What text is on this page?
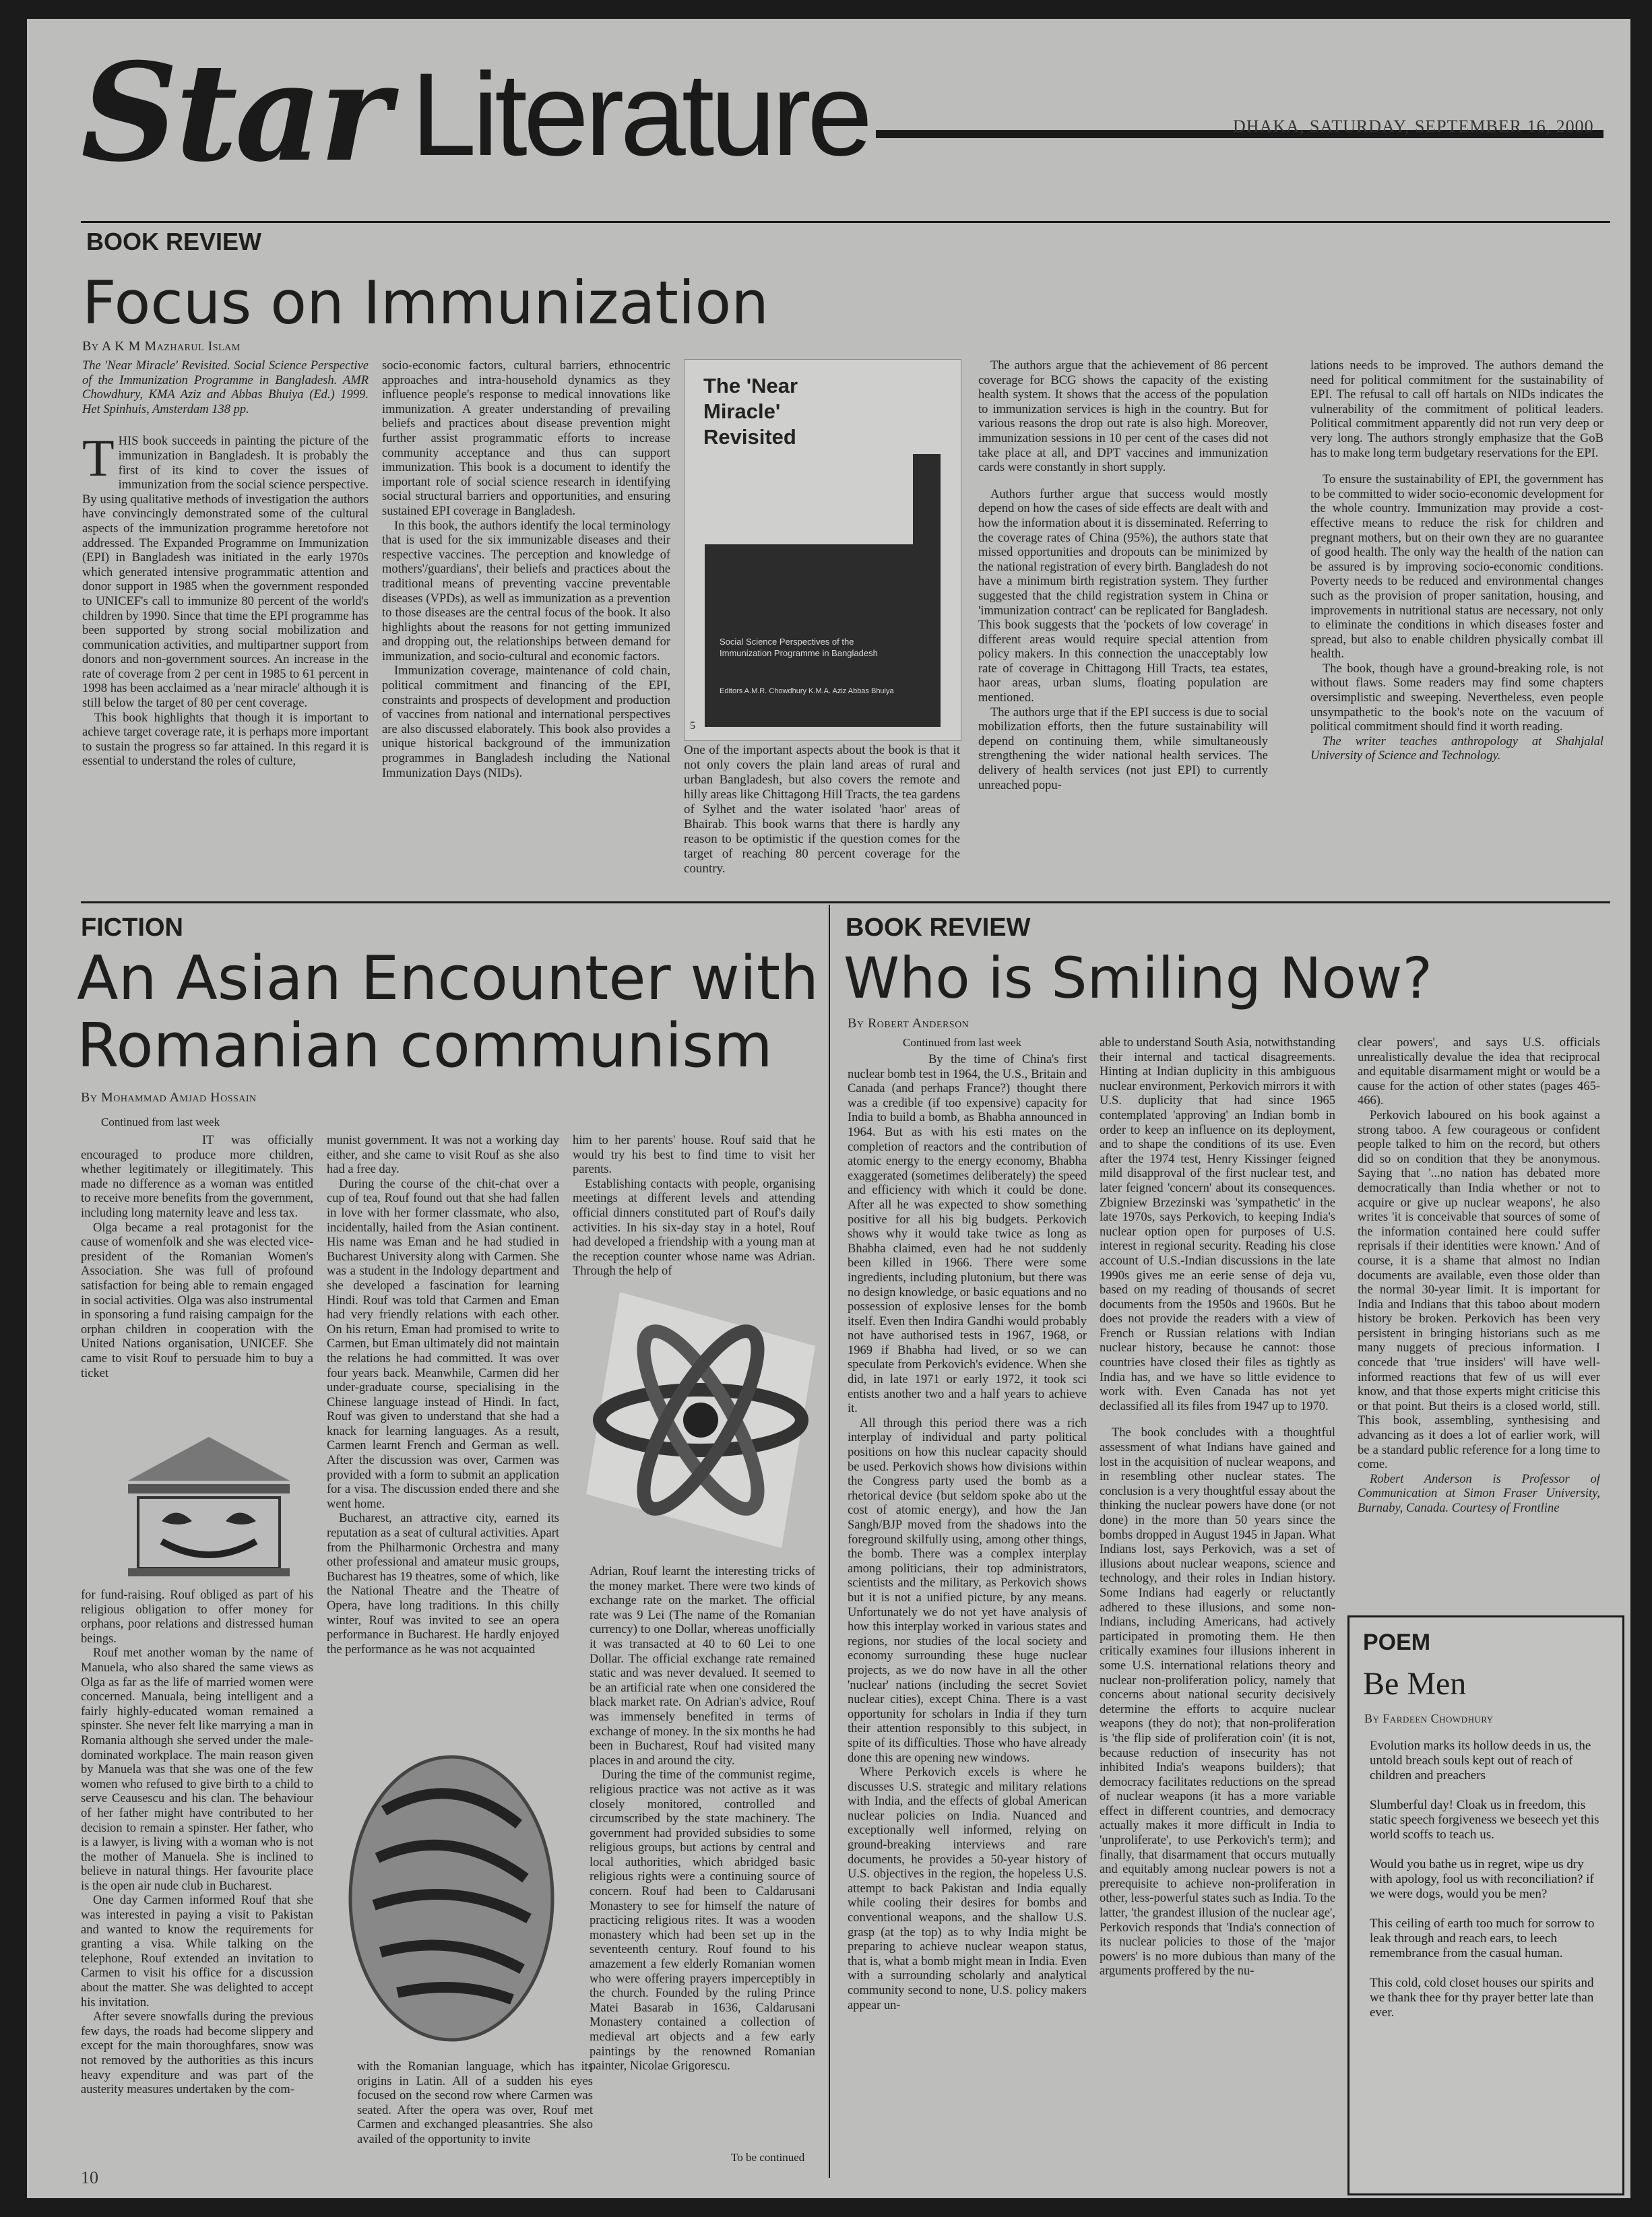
Star Literature	DHAKA, SATURDAY, SEPTEMBER 16, 2000
BOOK REVIEW
Focus on Immunization
By A K M Mazharul Islam

The 'Near Miracle' Revisited. Social Science Perspective of the Immunization Programme in Bangladesh. AMR Chowdhury, KMA Aziz and Abbas Bhuiya (Ed.) 1999. Het Spinhuis, Amsterdam 138 pp.

THIS book succeeds in painting the picture of the immunization in Bangladesh. It is probably the first of its kind to cover the issues of immunization from the social science perspective. By using qualitative methods of investigation the authors have convincingly demonstrated some of the cultural aspects of the immunization programme heretofore not addressed. The Expanded Programme on Immunization (EPI) in Bangladesh was initiated in the early 1970s which generated intensive programmatic attention and donor support in 1985 when the government responded to UNICEF's call to immunize 80 percent of the world's children by 1990. Since that time the EPI programme has been supported by strong social mobilization and communication activities, and multipartner support from donors and non-government sources. An increase in the rate of coverage from 2 per cent in 1985 to 61 percent in 1998 has been acclaimed as a 'near miracle' although it is still below the target of 80 per cent coverage.

This book highlights that though it is important to achieve target coverage rate, it is perhaps more important to sustain the progress so far attained. In this regard it is essential to understand the roles of culture,

socio-economic factors, cultural barriers, ethnocentric approaches and intra-household dynamics as they influence people's response to medical innovations like immunization. A greater understanding of prevailing beliefs and practices about disease prevention might further assist programmatic efforts to increase community acceptance and thus can support immunization. This book is a document to identify the important role of social science research in identifying social structural barriers and opportunities, and ensuring sustained EPI coverage in Bangladesh.

In this book, the authors identify the local terminology that is used for the six immunizable diseases and their respective vaccines. The perception and knowledge of mothers'/guardians', their beliefs and practices about the traditional means of preventing vaccine preventable diseases (VPDs), as well as immunization as a prevention to those diseases are the central focus of the book. It also highlights about the reasons for not getting immunized and dropping out, the relationships between demand for immunization, and socio-cultural and economic factors.

Immunization coverage, maintenance of cold chain, political commitment and financing of the EPI, constraints and prospects of development and production of vaccines from national and international perspectives are also discussed elaborately. This book also provides a unique historical background of the immunization programmes in Bangladesh including the National Immunization Days (NIDs).

The 'Near Miracle' Revisited
Social Science Perspectives of the Immunization Programme in Bangladesh
Editors A.M.R. Chowdhury K.M.A. Aziz Abbas Bhuiya
5
One of the important aspects about the book is that it not only covers the plain land areas of rural and urban Bangladesh, but also covers the remote and hilly areas like Chittagong Hill Tracts, the tea gardens of Sylhet and the water isolated 'haor' areas of Bhairab. This book warns that there is hardly any reason to be optimistic if the question comes for the target of reaching 80 percent coverage for the country.

The authors argue that the achievement of 86 percent coverage for BCG shows the capacity of the existing health system. It shows that the access of the population to immunization services is high in the country. But for various reasons the drop out rate is also high. Moreover, immunization sessions in 10 per cent of the cases did not take place at all, and DPT vaccines and immunization cards were constantly in short supply.

Authors further argue that success would mostly depend on how the cases of side effects are dealt with and how the information about it is disseminated. Referring to the coverage rates of China (95%), the authors state that missed opportunities and dropouts can be minimized by the national registration of every birth. Bangladesh do not have a minimum birth registration system. They further suggested that the child registration system in China or 'immunization contract' can be replicated for Bangladesh. This book suggests that the 'pockets of low coverage' in different areas would require special attention from policy makers. In this connection the unacceptably low rate of coverage in Chittagong Hill Tracts, tea estates, haor areas, urban slums, floating population are mentioned.

The authors urge that if the EPI success is due to social mobilization efforts, then the future sustainability will depend on continuing them, while simultaneously strengthening the wider national health services. The delivery of health services (not just EPI) to currently unreached popu-

lations needs to be improved. The authors demand the need for political commitment for the sustainability of EPI. The refusal to call off hartals on NIDs indicates the vulnerability of the commitment of political leaders. Political commitment apparently did not run very deep or very long. The authors strongly emphasize that the GoB has to make long term budgetary reservations for the EPI.

To ensure the sustainability of EPI, the government has to be committed to wider socio-economic development for the whole country. Immunization may provide a cost-effective means to reduce the risk for children and pregnant mothers, but on their own they are no guarantee of good health. The only way the health of the nation can be assured is by improving socio-economic conditions. Poverty needs to be reduced and environmental changes such as the provision of proper sanitation, housing, and improvements in nutritional status are necessary, not only to eliminate the conditions in which diseases foster and spread, but also to enable children physically combat ill health.

The book, though have a ground-breaking role, is not without flaws. Some readers may find some chapters oversimplistic and sweeping. Nevertheless, even people unsympathetic to the book's note on the vacuum of political commitment should find it worth reading.

The writer teaches anthropology at Shahjalal University of Science and Technology.

FICTION
An Asian Encounter with
Romanian communism
By Mohammad Amjad Hossain
Continued from last week

IT was officially encouraged to produce more children, whether legitimately or illegitimately. This made no difference as a woman was entitled to receive more benefits from the government, including long maternity leave and less tax.

Olga became a real protagonist for the cause of womenfolk and she was elected vice-president of the Romanian Women's Association. She was full of profound satisfaction for being able to remain engaged in social activities. Olga was also instrumental in sponsoring a fund raising campaign for the orphan children in cooperation with the United Nations organisation, UNICEF. She came to visit Rouf to persuade him to buy a ticket

for fund-raising. Rouf obliged as part of his religious obligation to offer money for orphans, poor relations and distressed human beings.

Rouf met another woman by the name of Manuela, who also shared the same views as Olga as far as the life of married women were concerned. Manuala, being intelligent and a fairly highly-educated woman remained a spinster. She never felt like marrying a man in Romania although she served under the male-dominated workplace. The main reason given by Manuela was that she was one of the few women who refused to give birth to a child to serve Ceausescu and his clan. The behaviour of her father might have contributed to her decision to remain a spinster. Her father, who is a lawyer, is living with a woman who is not the mother of Manuela. She is inclined to believe in natural things. Her favourite place is the open air nude club in Bucharest.

One day Carmen informed Rouf that she was interested in paying a visit to Pakistan and wanted to know the requirements for granting a visa. While talking on the telephone, Rouf extended an invitation to Carmen to visit his office for a discussion about the matter. She was delighted to accept his invitation.

After severe snowfalls during the previous few days, the roads had become slippery and except for the main thoroughfares, snow was not removed by the authorities as this incurs heavy expenditure and was part of the austerity measures undertaken by the com-

munist government. It was not a working day either, and she came to visit Rouf as she also had a free day.

During the course of the chit-chat over a cup of tea, Rouf found out that she had fallen in love with her former classmate, who also, incidentally, hailed from the Asian continent. His name was Eman and he had studied in Bucharest University along with Carmen. She was a student in the Indology department and she developed a fascination for learning Hindi. Rouf was told that Carmen and Eman had very friendly relations with each other. On his return, Eman had promised to write to Carmen, but Eman ultimately did not maintain the relations he had committed. It was over four years back. Meanwhile, Carmen did her under-graduate course, specialising in the Chinese language instead of Hindi. In fact, Rouf was given to understand that she had a knack for learning languages. As a result, Carmen learnt French and German as well. After the discussion was over, Carmen was provided with a form to submit an application for a visa. The discussion ended there and she went home.

Bucharest, an attractive city, earned its reputation as a seat of cultural activities. Apart from the Philharmonic Orchestra and many other professional and amateur music groups, Bucharest has 19 theatres, some of which, like the National Theatre and the Theatre of Opera, have long traditions. In this chilly winter, Rouf was invited to see an opera performance in Bucharest. He hardly enjoyed the performance as he was not acquainted

with the Romanian language, which has its origins in Latin. All of a sudden his eyes focused on the second row where Carmen was seated. After the opera was over, Rouf met Carmen and exchanged pleasantries. She also availed of the opportunity to invite

him to her parents' house. Rouf said that he would try his best to find time to visit her parents.

Establishing contacts with people, organising meetings at different levels and attending official dinners constituted part of Rouf's daily activities. In his six-day stay in a hotel, Rouf had developed a friendship with a young man at the reception counter whose name was Adrian. Through the help of

Adrian, Rouf learnt the interesting tricks of the money market. There were two kinds of exchange rate on the market. The official rate was 9 Lei (The name of the Romanian currency) to one Dollar, whereas unofficially it was transacted at 40 to 60 Lei to one Dollar. The official exchange rate remained static and was never devalued. It seemed to be an artificial rate when one considered the black market rate. On Adrian's advice, Rouf was immensely benefited in terms of exchange of money. In the six months he had been in Bucharest, Rouf had visited many places in and around the city.

During the time of the communist regime, religious practice was not active as it was closely monitored, controlled and circumscribed by the state machinery. The government had provided subsidies to some religious groups, but actions by central and local authorities, which abridged basic religious rights were a continuing source of concern. Rouf had been to Caldarusani Monastery to see for himself the nature of practicing religious rites. It was a wooden monastery which had been set up in the seventeenth century. Rouf found to his amazement a few elderly Romanian women who were offering prayers imperceptibly in the church. Founded by the ruling Prince Matei Basarab in 1636, Caldarusani Monastery contained a collection of medieval art objects and a few early paintings by the renowned Romanian painter, Nicolae Grigorescu.

To be continued
BOOK REVIEW
Who is Smiling Now?
By Robert Anderson
Continued from last week

By the time of China's first nuclear bomb test in 1964, the U.S., Britain and Canada (and perhaps France?) thought there was a credible (if too expensive) capacity for India to build a bomb, as Bhabha announced in 1964. But as with his esti mates on the completion of reactors and the contribution of atomic energy to the energy economy, Bhabha exaggerated (sometimes deliberately) the speed and efficiency with which it could be done. After all he was expected to show something positive for all his big budgets. Perkovich shows why it would take twice as long as Bhabha claimed, even had he not suddenly been killed in 1966. There were some ingredients, including plutonium, but there was no design knowledge, or basic equations and no possession of explosive lenses for the bomb itself. Even then Indira Gandhi would probably not have authorised tests in 1967, 1968, or 1969 if Bhabha had lived, or so we can speculate from Perkovich's evidence. When she did, in late 1971 or early 1972, it took sci entists another two and a half years to achieve it.

All through this period there was a rich interplay of individual and party political positions on how this nuclear capacity should be used. Perkovich shows how divisions within the Congress party used the bomb as a rhetorical device (but seldom spoke abo ut the cost of atomic energy), and how the Jan Sangh/BJP moved from the shadows into the foreground skilfully using, among other things, the bomb. There was a complex interplay among politicians, their top administrators, scientists and the military, as Perkovich shows but it is not a unified picture, by any means. Unfortunately we do not yet have analysis of how this interplay worked in various states and regions, nor studies of the local society and economy surrounding these huge nuclear projects, as we do now have in all the other 'nuclear' nations (including the secret Soviet nuclear cities), except China. There is a vast opportunity for scholars in India if they turn their attention responsibly to this subject, in spite of its difficulties. Those who have already done this are opening new windows.

Where Perkovich excels is where he discusses U.S. strategic and military relations with India, and the effects of global American nuclear policies on India. Nuanced and exceptionally well informed, relying on ground-breaking interviews and rare documents, he provides a 50-year history of U.S. objectives in the region, the hopeless U.S. attempt to back Pakistan and India equally while cooling their desires for bombs and conventional weapons, and the shallow U.S. grasp (at the top) as to why India might be preparing to achieve nuclear weapon status, that is, what a bomb might mean in India. Even with a surrounding scholarly and analytical community second to none, U.S. policy makers appear un-

able to understand South Asia, notwithstanding their internal and tactical disagreements. Hinting at Indian duplicity in this ambiguous nuclear environment, Perkovich mirrors it with U.S. duplicity that had since 1965 contemplated 'approving' an Indian bomb in order to keep an influence on its deployment, and to shape the conditions of its use. Even after the 1974 test, Henry Kissinger feigned mild disapproval of the first nuclear test, and later feigned 'concern' about its consequences. Zbigniew Brzezinski was 'sympathetic' in the late 1970s, says Perkovich, to keeping India's nuclear option open for purposes of U.S. interest in regional security. Reading his close account of U.S.-Indian discussions in the late 1990s gives me an eerie sense of deja vu, based on my reading of thousands of secret documents from the 1950s and 1960s. But he does not provide the readers with a view of French or Russian relations with Indian nuclear history, because he cannot: those countries have closed their files as tightly as India has, and we have so little evidence to work with. Even Canada has not yet declassified all its files from 1947 up to 1970.

The book concludes with a thoughtful assessment of what Indians have gained and lost in the acquisition of nuclear weapons, and in resembling other nuclear states. The conclusion is a very thoughtful essay about the thinking the nuclear powers have done (or not done) in the more than 50 years since the bombs dropped in August 1945 in Japan. What Indians lost, says Perkovich, was a set of illusions about nuclear weapons, science and technology, and their roles in Indian history. Some Indians had eagerly or reluctantly adhered to these illusions, and some non-Indians, including Americans, had actively participated in promoting them. He then critically examines four illusions inherent in some U.S. international relations theory and nuclear non-proliferation policy, namely that concerns about national security decisively determine the efforts to acquire nuclear weapons (they do not); that non-proliferation is 'the flip side of proliferation coin' (it is not, because reduction of insecurity has not inhibited India's weapons builders); that democracy facilitates reductions on the spread of nuclear weapons (it has a more variable effect in different countries, and democracy actually makes it more difficult in India to 'unproliferate', to use Perkovich's term); and finally, that disarmament that occurs mutually and equitably among nuclear powers is not a prerequisite to achieve non-proliferation in other, less-powerful states such as India. To the latter, 'the grandest illusion of the nuclear age', Perkovich responds that 'India's connection of its nuclear policies to those of the 'major powers' is no more dubious than many of the arguments proffered by the nu-

clear powers', and says U.S. officials unrealistically devalue the idea that reciprocal and equitable disarmament might or would be a cause for the action of other states (pages 465-466).

Perkovich laboured on his book against a strong taboo. A few courageous or confident people talked to him on the record, but others did so on condition that they be anonymous. Saying that '...no nation has debated more democratically than India whether or not to acquire or give up nuclear weapons', he also writes 'it is conceivable that sources of some of the information contained here could suffer reprisals if their identities were known.' And of course, it is a shame that almost no Indian documents are available, even those older than the normal 30-year limit. It is important for India and Indians that this taboo about modern history be broken. Perkovich has been very persistent in bringing historians such as me many nuggets of precious information. I concede that 'true insiders' will have well-informed reactions that few of us will ever know, and that those experts might criticise this or that point. But theirs is a closed world, still. This book, assembling, synthesising and advancing as it does a lot of earlier work, will be a standard public reference for a long time to come.

Robert Anderson is Professor of Communication at Simon Fraser University, Burnaby, Canada. Courtesy of Frontline

POEM
Be Men
By Fardeen Chowdhury

Evolution marks its hollow deeds in us, the untold breach souls kept out of reach of children and preachers

Slumberful day! Cloak us in freedom, this static speech forgiveness we beseech yet this world scoffs to teach us.

Would you bathe us in regret, wipe us dry with apology, fool us with reconciliation? if we were dogs, would you be men?

This ceiling of earth too much for sorrow to leak through and reach ears, to leech remembrance from the casual human.

This cold, cold closet houses our spirits and we thank thee for thy prayer better late than ever.

10
